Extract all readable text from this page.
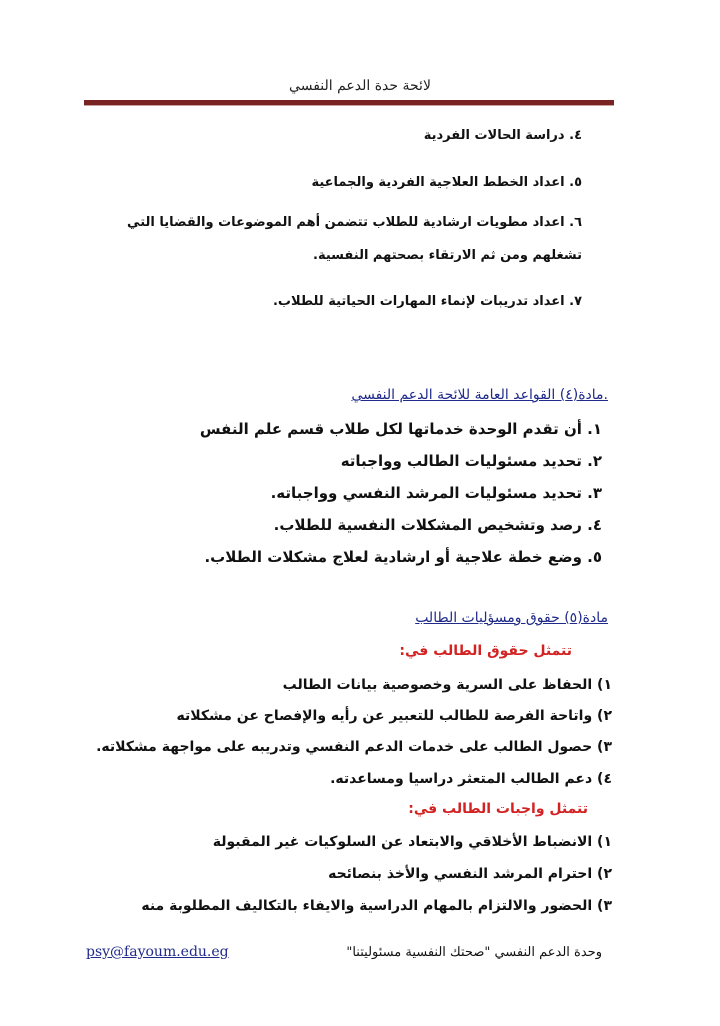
لائحة حدة الدعم النفسي
٤. دراسة الحالات الفردية
٥. اعداد الخطط العلاجية الفردية والجماعية
٦. اعداد مطويات ارشادية للطلاب تتضمن أهم الموضوعات والقضايا التي تشغلهم ومن ثم الارتقاء بصحتهم النفسية.
٧. اعداد تدريبات لإنماء المهارات الحياتية للطلاب.
.مادة(٤) القواعد العامة للائحة الدعم النفسي
١. أن تقدم الوحدة خدماتها لكل طلاب قسم علم النفس
٢. تحديد مسئوليات الطالب وواجباته
٣. تحديد مسئوليات المرشد النفسي وواجباته.
٤. رصد وتشخيص المشكلات النفسية للطلاب.
٥. وضع خطة علاجية أو ارشادية لعلاج مشكلات الطلاب.
مادة(٥) حقوق ومسؤليات الطالب
تتمثل حقوق الطالب في:
١) الحفاظ على السرية وخصوصية بيانات الطالب
٢) واتاحة الفرصة للطالب للتعبير عن رأيه والإفصاح عن مشكلاته
٣) حصول الطالب على خدمات الدعم النفسي وتدريبه على مواجهة مشكلاته.
٤) دعم الطالب المتعثر دراسيا ومساعدته.
تتمثل واجبات الطالب في:
١) الانضباط الأخلاقي والابتعاد عن السلوكيات غير المقبولة
٢) احترام المرشد النفسي والأخذ بنصائحه
٣) الحضور والالتزام بالمهام الدراسية والايفاء بالتكاليف المطلوبة منه
وحدة الدعم النفسي "صحتك النفسية مسئوليتنا"
psy@fayoum.edu.eg
